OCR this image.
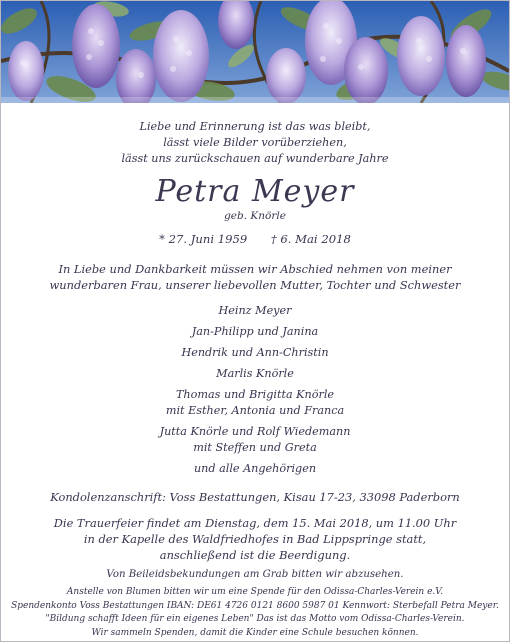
Liebe und Erinnerung ist das was bleibt,
lässt viele Bilder vorüberziehen,
lässt uns zurückschauen auf wunderbare Jahre
Petra Meyer
geb. Knörle
* 27. Juni 1959 † 6. Mai 2018
In Liebe und Dankbarkeit müssen wir Abschied nehmen von meiner
wunderbaren Frau, unserer liebevollen Mutter, Tochter und Schwester
Heinz Meyer
Jan-Philipp und Janina
Hendrik und Ann-Christin
Marlis Knörle
Thomas und Brigitta Knörle
mit Esther, Antonia und Franca
Jutta Knörle und Rolf Wiedemann
mit Steffen und Greta
und alle Angehörigen
Kondolenzanschrift: Voss Bestattungen, Kisau 17-23, 33098 Paderborn
Die Trauerfeier findet am Dienstag, dem 15. Mai 2018, um 11.00 Uhr
in der Kapelle des Waldfriedhofes in Bad Lippspringe statt,
anschließend ist die Beerdigung.
Von Beileidsbekundungen am Grab bitten wir abzusehen.
Anstelle von Blumen bitten wir um eine Spende für den Odissa-Charles-Verein e.V.
Spendenkonto Voss Bestattungen IBAN: DE61 4726 0121 8600 5987 01 Kennwort: Sterbefall Petra Meyer.
"Bildung schafft Ideen für ein eigenes Leben" Das ist das Motto vom Odissa-Charles-Verein.
Wir sammeln Spenden, damit die Kinder eine Schule besuchen können.
